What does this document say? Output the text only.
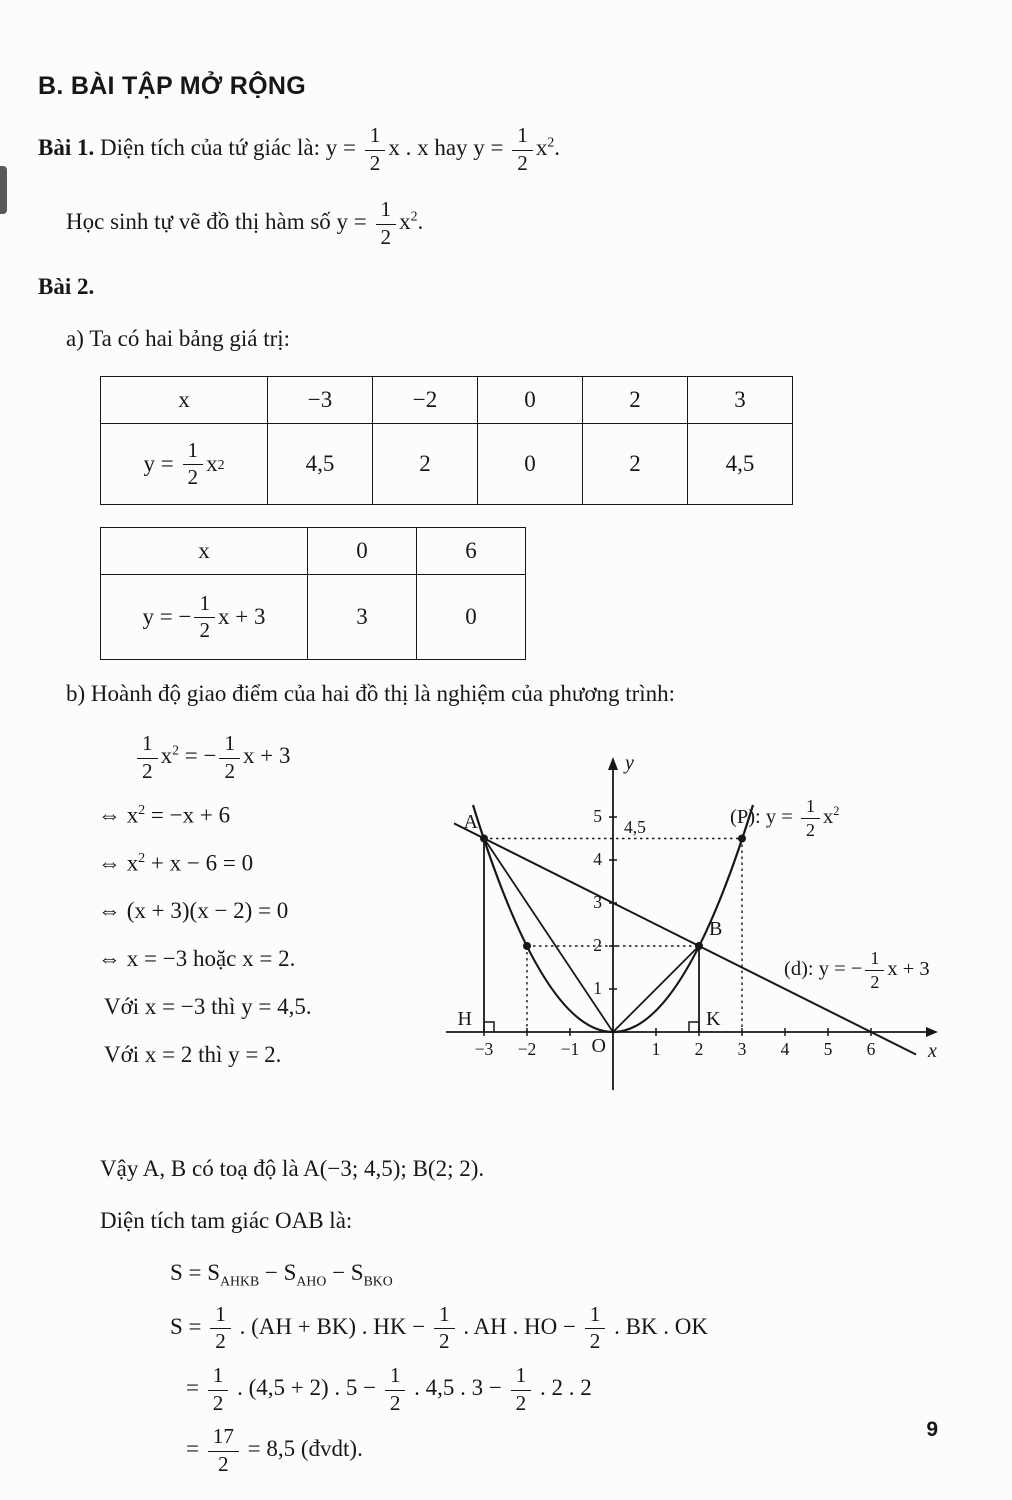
B. BÀI TẬP MỞ RỘNG

Bài 1. Diện tích của tứ giác là: $y = \frac{1}{2}$ x . x hay $y = \frac{1}{2} x^2$.

Học sinh tự vẽ đồ thị hàm số $y = \frac{1}{2} x^2$.

Bài 2.

a) Ta có hai bảng giá trị:

x	−3	−2	0	2	3

$y = \frac{1}{2}$ x 2	4,5	2	0	2	4,5
x	0	6

y = − $\frac{1}{2}$ x + 3	3	0

b) Hoành độ giao điểm của hai đồ thị là nghiệm của phương trình:

$\frac{1}{2} x^2$ = − $\frac{1}{2}$ x + 3
⇔ $x^2 = -x + 6$
⇔ $x^2 + x - 6 = 0$
⇔ (x + 3)(x − 2) = 0
⇔ x = −3 hoặc x = 2.
Với x = −3 thì y = 4,5.
Với x = 2 thì y = 2.
y
x
O
4,5
A
B
H	K
−3 −2 −1	1 2 3 4 5 6
5
4
3
2
1
(P): $y = \frac{1}{2} x^2$
(d): y = − $\frac{1}{2}$ x + 3

Vậy A, B có toạ độ là A(−3; 4,5); B(2; 2).

Diện tích tam giác OAB là:

$S = S_{AHKB} - S_{AHO} - S_{BKO}$
$S = \frac{1}{2}$ . (AH + BK) . HK − $\frac{1}{2}$ . AH . HO − $\frac{1}{2}$ . BK . OK
= $\frac{1}{2}$ . (4,5 + 2) . $5 - \frac{1}{2}$ . 4,5 . $3 - \frac{1}{2}$ . 2 . 2
= $\frac{17}{2} = 8,5$ (đvdt).
9
